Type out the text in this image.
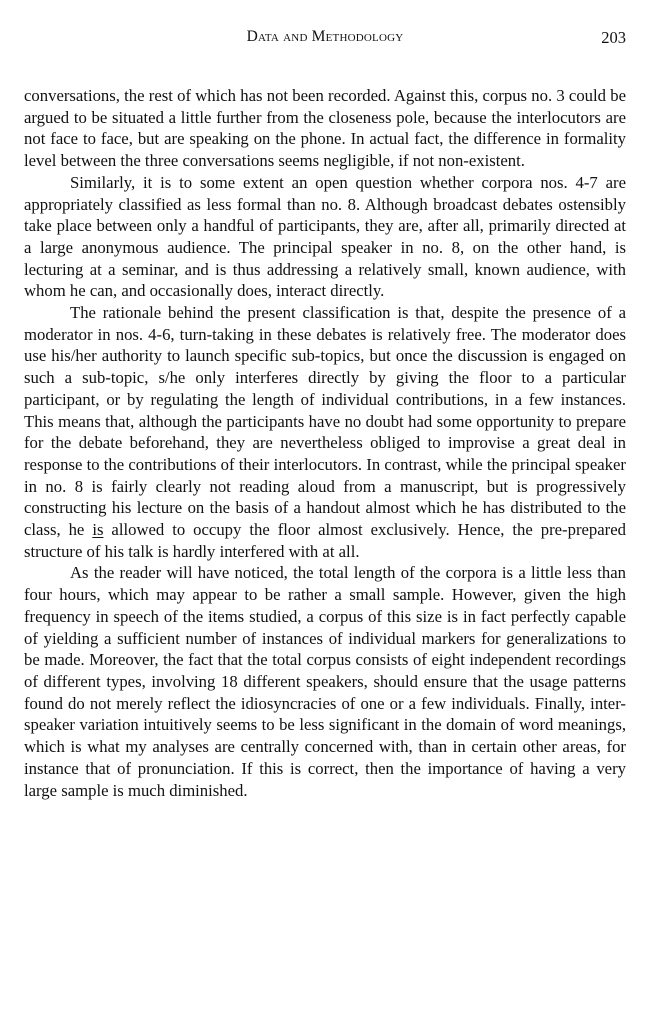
Data and Methodology	203

conversations, the rest of which has not been recorded. Against this, corpus no. 3 could be argued to be situated a little further from the closeness pole, because the interlocutors are not face to face, but are speaking on the phone. In actual fact, the difference in formality level between the three conversations seems negligible, if not non-existent.

Similarly, it is to some extent an open question whether corpora nos. 4-7 are appropriately classified as less formal than no. 8. Although broadcast debates ostensibly take place between only a handful of participants, they are, after all, primarily directed at a large anonymous audience. The principal speaker in no. 8, on the other hand, is lecturing at a seminar, and is thus addressing a relatively small, known audience, with whom he can, and occasionally does, interact directly.

The rationale behind the present classification is that, despite the presence of a moderator in nos. 4-6, turn-taking in these debates is relatively free. The moderator does use his/her authority to launch specific sub-topics, but once the discussion is engaged on such a sub-topic, s/he only interferes directly by giving the floor to a particular participant, or by regulating the length of individual contributions, in a few instances. This means that, although the participants have no doubt had some opportunity to prepare for the debate beforehand, they are nevertheless obliged to improvise a great deal in response to the contributions of their interlocutors. In contrast, while the principal speaker in no. 8 is fairly clearly not reading aloud from a manuscript, but is progressively constructing his lecture on the basis of a handout almost which he has distributed to the class, he is allowed to occupy the floor almost exclusively. Hence, the pre-prepared structure of his talk is hardly interfered with at all.

As the reader will have noticed, the total length of the corpora is a little less than four hours, which may appear to be rather a small sample. However, given the high frequency in speech of the items studied, a corpus of this size is in fact perfectly capable of yielding a sufficient number of instances of individual markers for generalizations to be made. Moreover, the fact that the total corpus consists of eight independent recordings of different types, involving 18 different speakers, should ensure that the usage patterns found do not merely reflect the idiosyncracies of one or a few individuals. Finally, inter-speaker variation intuitively seems to be less significant in the domain of word meanings, which is what my analyses are centrally concerned with, than in certain other areas, for instance that of pronunciation. If this is correct, then the importance of having a very large sample is much diminished.
